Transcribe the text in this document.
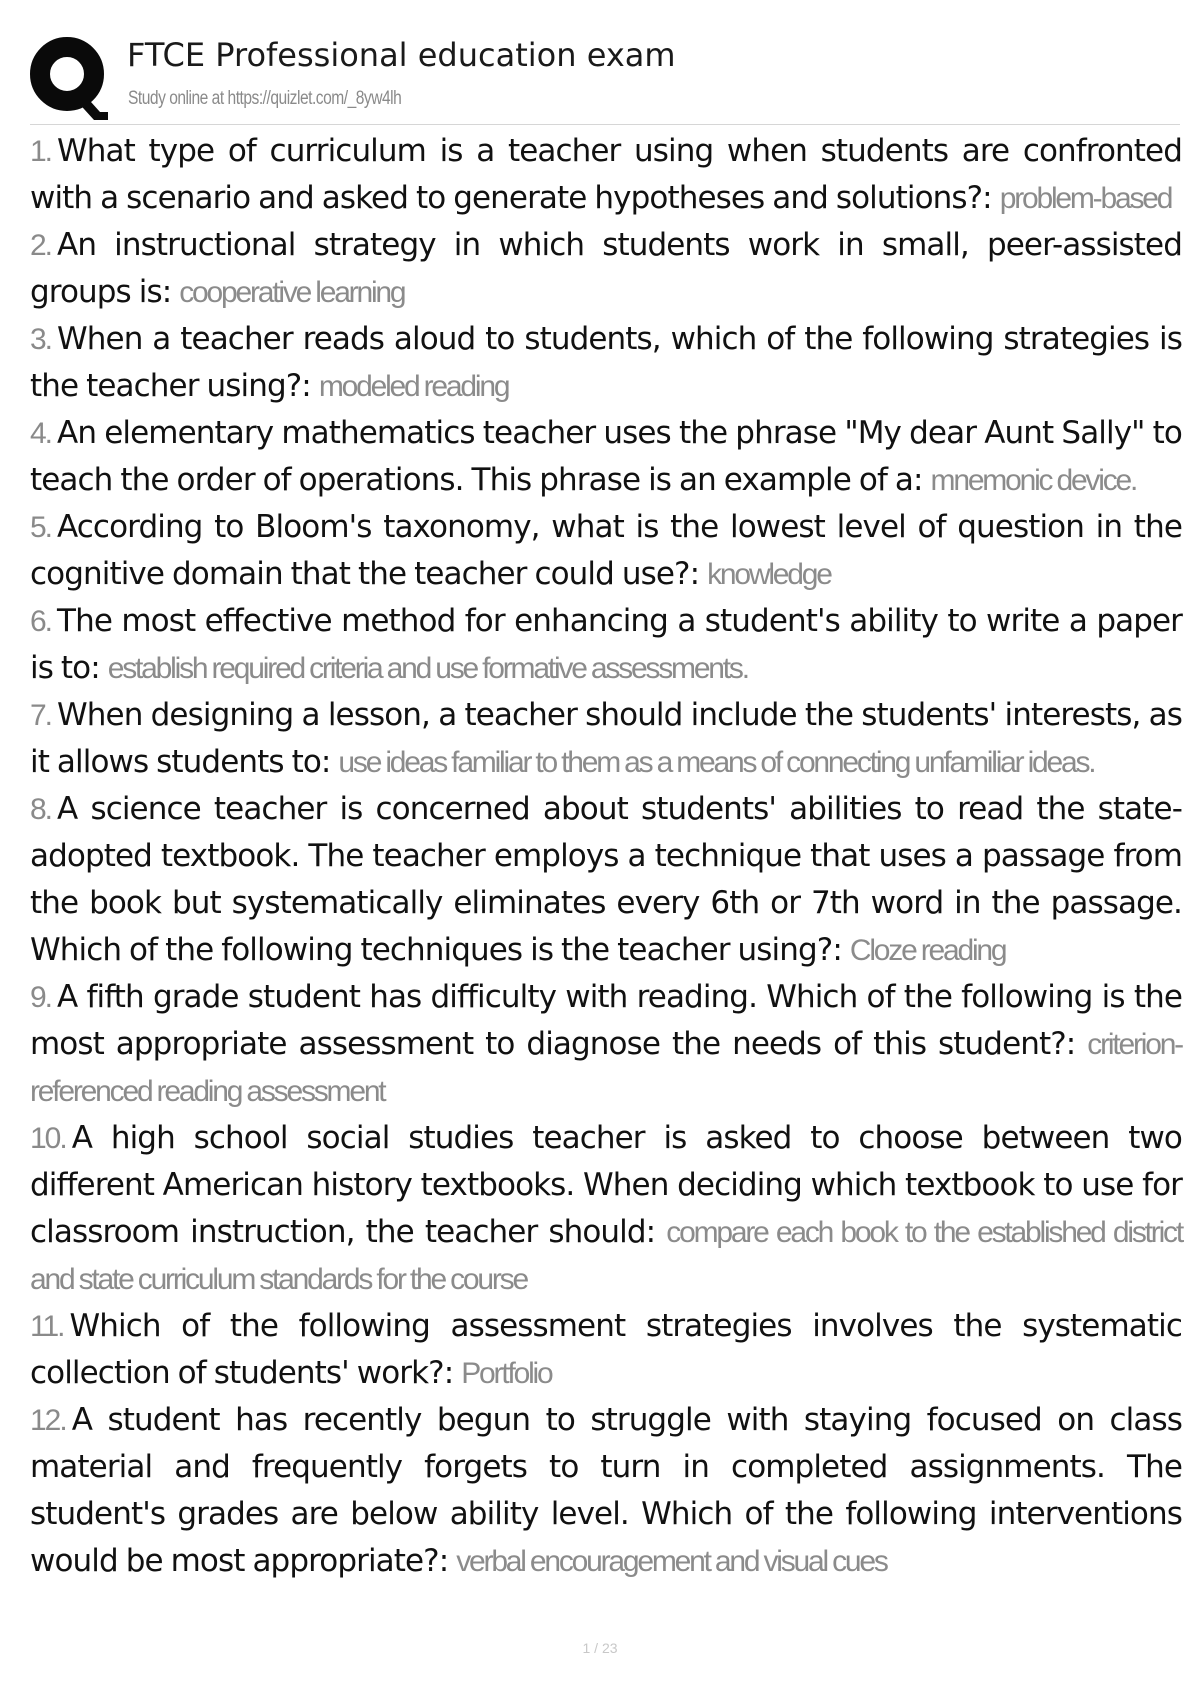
FTCE Professional education exam
Study online at https://quizlet.com/_8yw4lh
1. What type of curriculum is a teacher using when students are confronted with a scenario and asked to generate hypotheses and solutions?: problem-based
2. An instructional strategy in which students work in small, peer-assisted groups is: cooperative learning
3. When a teacher reads aloud to students, which of the following strategies is the teacher using?: modeled reading
4. An elementary mathematics teacher uses the phrase "My dear Aunt Sally" to teach the order of operations. This phrase is an example of a: mnemonic device.
5. According to Bloom's taxonomy, what is the lowest level of question in the cognitive domain that the teacher could use?: knowledge
6. The most effective method for enhancing a student's ability to write a paper is to: establish required criteria and use formative assessments.
7. When designing a lesson, a teacher should include the students' interests, as it allows students to: use ideas familiar to them as a means of connecting unfamiliar ideas.
8. A science teacher is concerned about students' abilities to read the state-adopted textbook. The teacher employs a technique that uses a passage from the book but systematically eliminates every 6th or 7th word in the passage. Which of the following techniques is the teacher using?: Cloze reading
9. A fifth grade student has difficulty with reading. Which of the following is the most appropriate assessment to diagnose the needs of this student?: criterion-referenced reading assessment
10. A high school social studies teacher is asked to choose between two different American history textbooks. When deciding which textbook to use for classroom instruction, the teacher should: compare each book to the established district and state curriculum standards for the course
11. Which of the following assessment strategies involves the systematic collection of students' work?: Portfolio
12. A student has recently begun to struggle with staying focused on class material and frequently forgets to turn in completed assignments. The student's grades are below ability level. Which of the following interventions would be most appropriate?: verbal encouragement and visual cues
1 / 23
